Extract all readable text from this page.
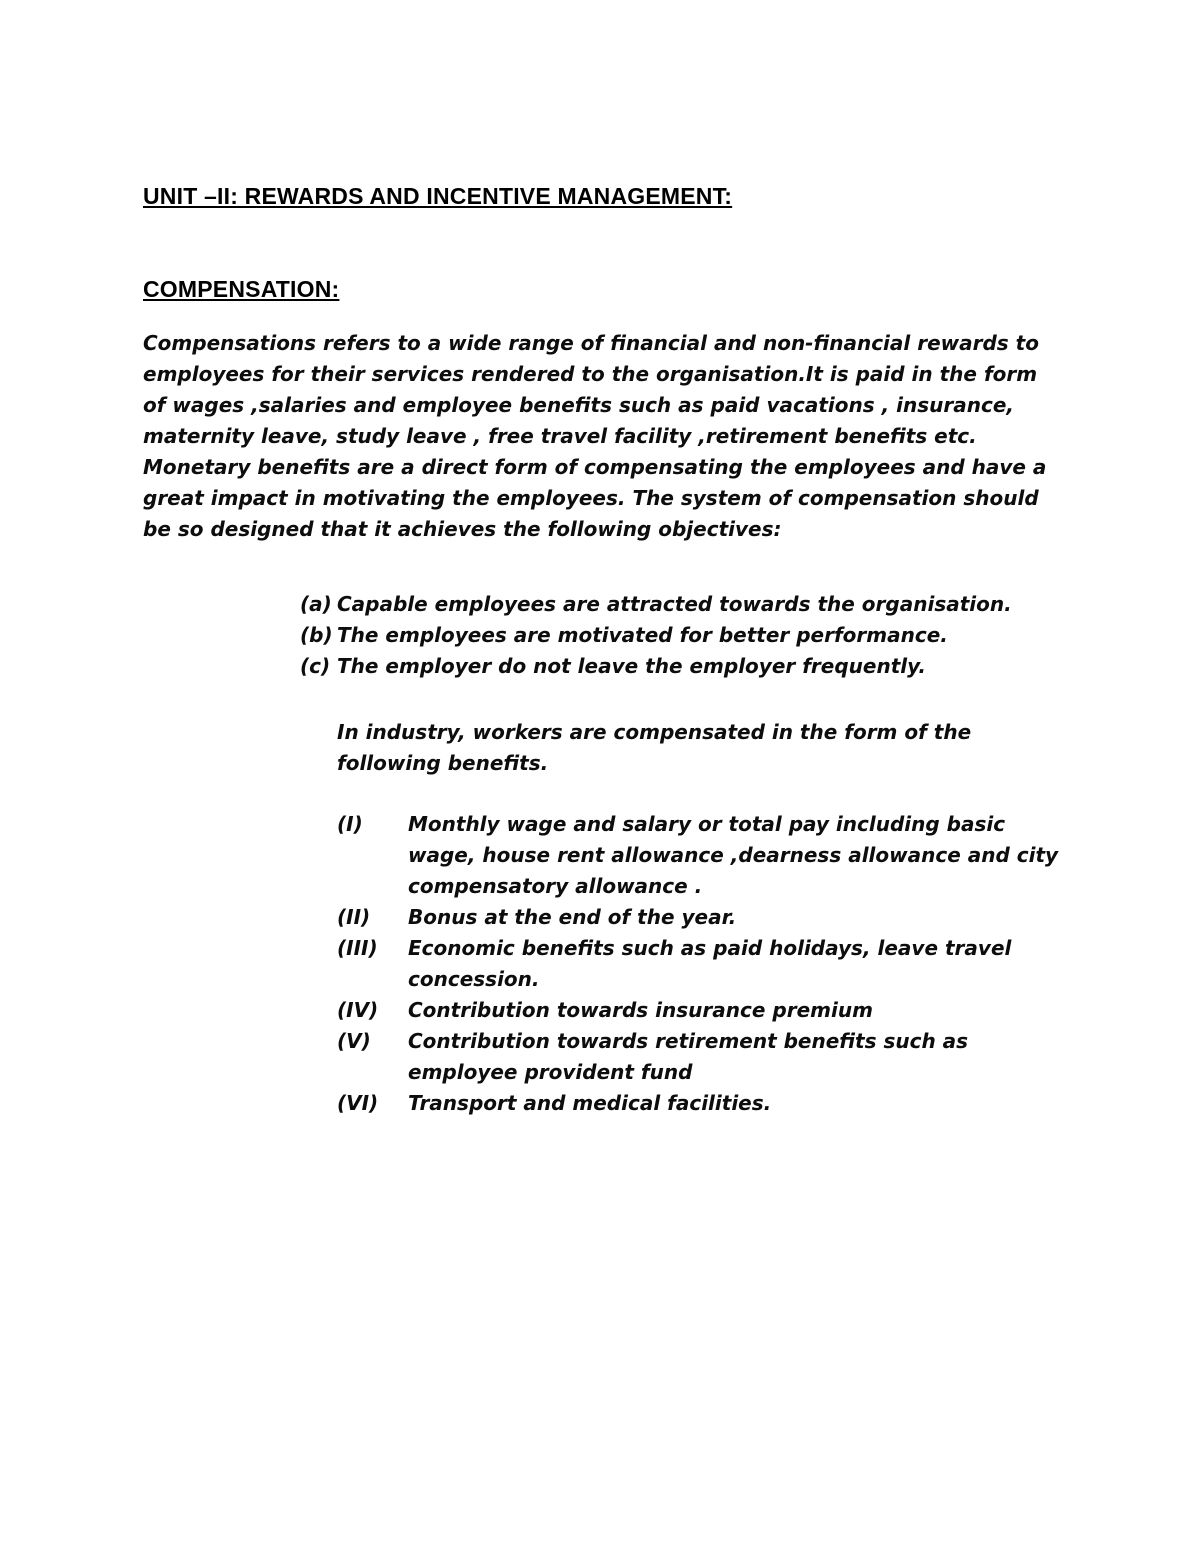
UNIT –II: REWARDS AND INCENTIVE MANAGEMENT:
COMPENSATION:

Compensations refers to a wide range of financial and non-financial rewards to employees for their services rendered to the organisation.It is paid in the form of wages ,salaries and employee benefits such as paid vacations , insurance, maternity leave, study leave , free travel facility ,retirement benefits etc. Monetary benefits are a direct form of compensating the employees and have a great impact in motivating the employees. The system of compensation should be so designed that it achieves the following objectives:

(a) Capable employees are attracted towards the organisation.
(b) The employees are motivated for better performance.
(c) The employer do not leave the employer frequently.

In industry, workers are compensated in the form of the following benefits.

(I)	Monthly wage and salary or total pay including basic wage, house rent allowance ,dearness allowance and city compensatory allowance .
(II)	Bonus at the end of the year.
(III)	Economic benefits such as paid holidays, leave travel concession.
(IV)	Contribution towards insurance premium
(V)	Contribution towards retirement benefits such as employee provident fund
(VI)	Transport and medical facilities.
